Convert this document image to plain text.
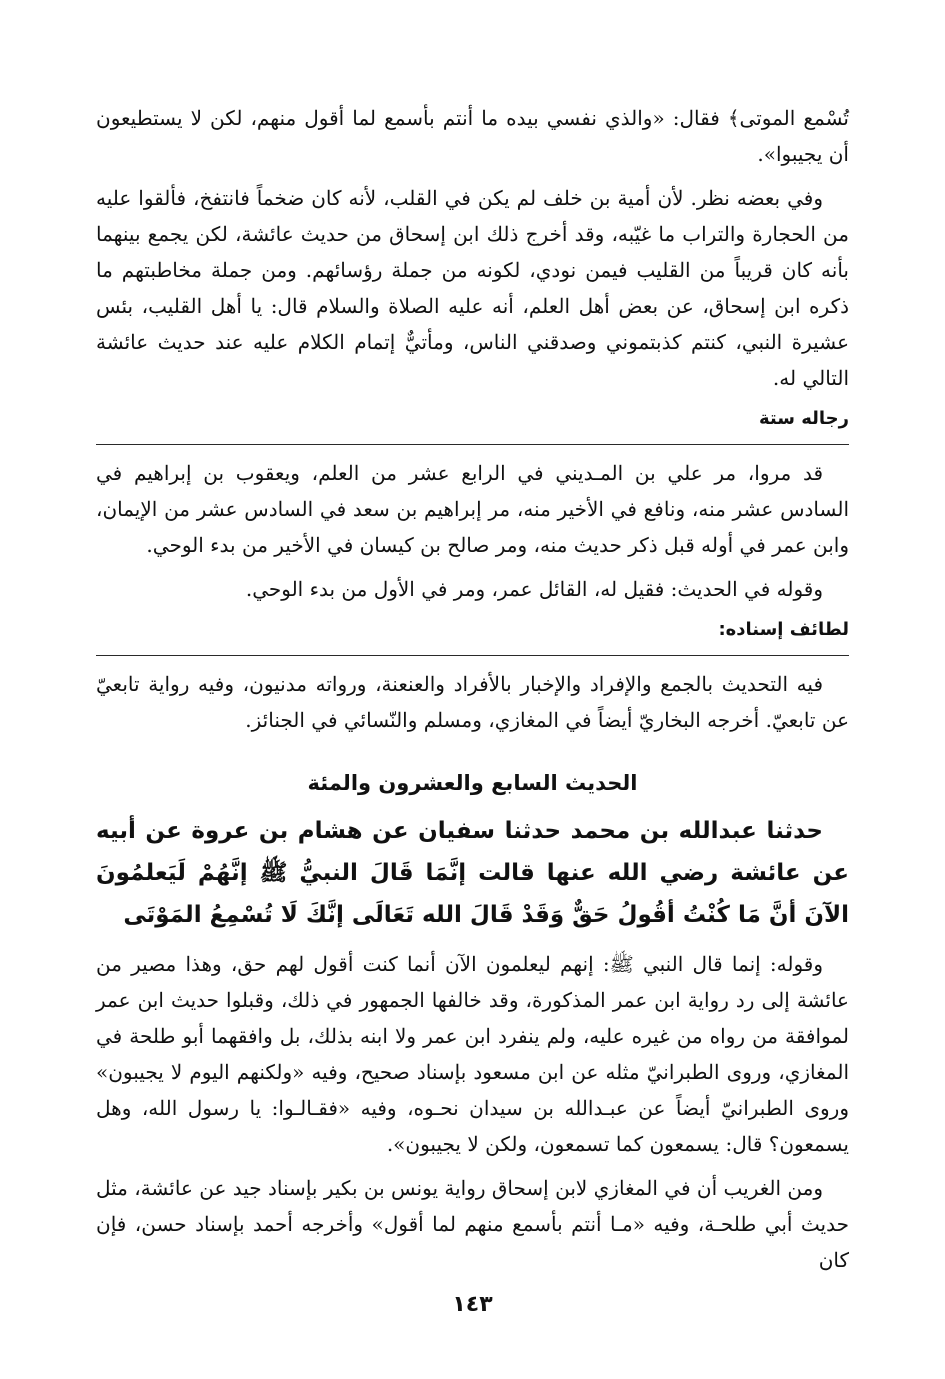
تُسْمع الموتى﴾ فقال: «والذي نفسي بيده ما أنتم بأسمع لما أقول منهم، لكن لا يستطيعون أن يجيبوا».

وفي بعضه نظر. لأن أمية بن خلف لم يكن في القلب، لأنه كان ضخماً فانتفخ، فألقوا عليه من الحجارة والتراب ما غيّبه، وقد أخرج ذلك ابن إسحاق من حديث عائشة، لكن يجمع بينهما بأنه كان قريباً من القليب فيمن نودي، لكونه من جملة رؤسائهم. ومن جملة مخاطبتهم ما ذكره ابن إسحاق، عن بعض أهل العلم، أنه عليه الصلاة والسلام قال: يا أهل القليب، بئس عشيرة النبي، كنتم كذبتموني وصدقني الناس، ومأتيٌّ إتمام الكلام عليه عند حديث عائشة التالي له.

رجاله ستة

قد مروا، مر علي بن المـديني في الرابع عشر من العلم، ويعقوب بن إبراهيم في السادس عشر منه، ونافع في الأخير منه، مر إبراهيم بن سعد في السادس عشر من الإيمان، وابن عمر في أوله قبل ذكر حديث منه، ومر صالح بن كيسان في الأخير من بدء الوحي.

وقوله في الحديث: فقيل له، القائل عمر، ومر في الأول من بدء الوحي.

لطائف إسناده:

فيه التحديث بالجمع والإفراد والإخبار بالأفراد والعنعنة، ورواته مدنيون، وفيه رواية تابعيّ عن تابعيّ. أخرجه البخاريّ أيضاً في المغازي، ومسلم والنّسائي في الجنائز.

الحديث السابع والعشرون والمئة

حدثنا عبدالله بن محمد حدثنا سفيان عن هشام بن عروة عن أبيه عن عائشة رضي الله عنها قالت إنَّمَا قَالَ النبيُّ ﷺ إنَّهُمْ لَيَعلمُونَ الآنَ أنَّ مَا كُنْتُ أقُولُ حَقٌّ وَقَدْ قَالَ الله تَعَالَى إنَّكَ لَا تُسْمِعُ المَوْتَى

وقوله: إنما قال النبي ﷺ: إنهم ليعلمون الآن أنما كنت أقول لهم حق، وهذا مصير من عائشة إلى رد رواية ابن عمر المذكورة، وقد خالفها الجمهور في ذلك، وقبلوا حديث ابن عمر لموافقة من رواه من غيره عليه، ولم ينفرد ابن عمر ولا ابنه بذلك، بل وافقهما أبو طلحة في المغازي، وروى الطبرانيّ مثله عن ابن مسعود بإسناد صحيح، وفيه «ولكنهم اليوم لا يجيبون» وروى الطبرانيّ أيضاً عن عبـدالله بن سيدان نحـوه، وفيه «فقـالـوا: يا رسول الله، وهل يسمعون؟ قال: يسمعون كما تسمعون، ولكن لا يجيبون».

ومن الغريب أن في المغازي لابن إسحاق رواية يونس بن بكير بإسناد جيد عن عائشة، مثل حديث أبي طلحـة، وفيه «مـا أنتم بأسمع منهم لما أقول» وأخرجه أحمد بإسناد حسن، فإن كان

١٤٣
